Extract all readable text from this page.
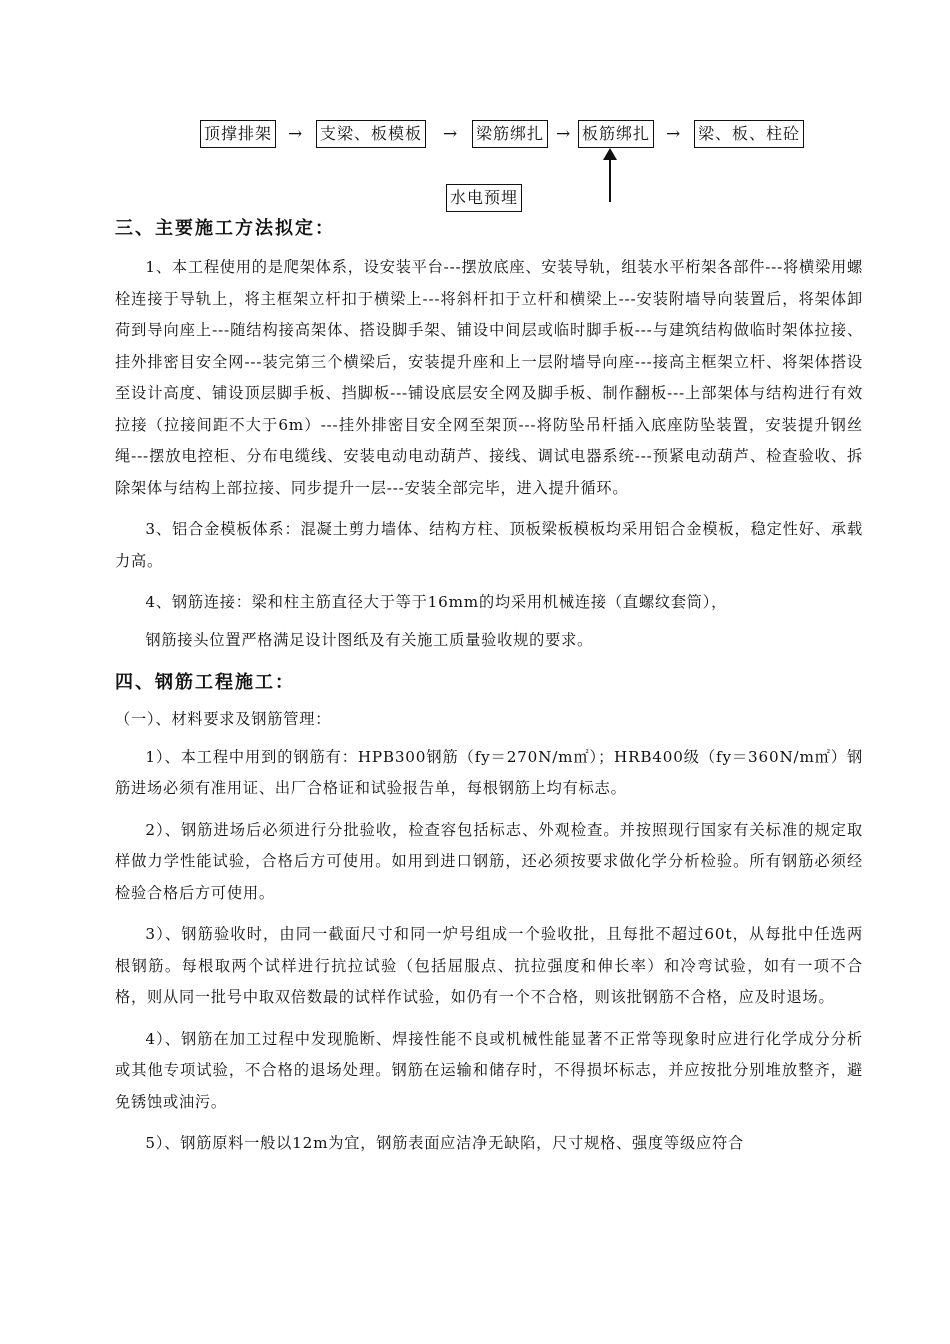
顶撑排架 → 支梁、板模板 → 梁筋绑扎 → 板筋绑扎 → 梁、板、柱砼
水电预埋

三、主要施工方法拟定：

1、本工程使用的是爬架体系，设安装平台---摆放底座、安装导轨，组装水平桁架各部件---将横梁用螺栓连接于导轨上，将主框架立杆扣于横梁上---将斜杆扣于立杆和横梁上---安装附墙导向装置后，将架体卸荷到导向座上---随结构接高架体、搭设脚手架、铺设中间层或临时脚手板---与建筑结构做临时架体拉接、挂外排密目安全网---装完第三个横梁后，安装提升座和上一层附墙导向座---接高主框架立杆、将架体搭设至设计高度、铺设顶层脚手板、挡脚板---铺设底层安全网及脚手板、制作翻板---上部架体与结构进行有效拉接（拉接间距不大于6m）---挂外排密目安全网至架顶---将防坠吊杆插入底座防坠装置，安装提升钢丝绳---摆放电控柜、分布电缆线、安装电动电动葫芦、接线、调试电器系统---预紧电动葫芦、检查验收、拆除架体与结构上部拉接、同步提升一层---安装全部完毕，进入提升循环。

3、铝合金模板体系：混凝土剪力墙体、结构方柱、顶板梁板模板均采用铝合金模板，稳定性好、承载力高。

4、钢筋连接：梁和柱主筋直径大于等于16mm的均采用机械连接（直螺纹套筒），

钢筋接头位置严格满足设计图纸及有关施工质量验收规的要求。

四、钢筋工程施工：

（一）、材料要求及钢筋管理：

1）、本工程中用到的钢筋有：HPB300钢筋（fy＝270N/m㎡）；HRB400级（fy＝360N/m㎡）钢筋进场必须有准用证、出厂合格证和试验报告单，每根钢筋上均有标志。

2）、钢筋进场后必须进行分批验收，检查容包括标志、外观检查。并按照现行国家有关标准的规定取样做力学性能试验，合格后方可使用。如用到进口钢筋，还必须按要求做化学分析检验。所有钢筋必须经检验合格后方可使用。

3）、钢筋验收时，由同一截面尺寸和同一炉号组成一个验收批，且每批不超过60t，从每批中任选两根钢筋。每根取两个试样进行抗拉试验（包括屈服点、抗拉强度和伸长率）和冷弯试验，如有一项不合格，则从同一批号中取双倍数最的试样作试验，如仍有一个不合格，则该批钢筋不合格，应及时退场。

4）、钢筋在加工过程中发现脆断、焊接性能不良或机械性能显著不正常等现象时应进行化学成分分析或其他专项试验，不合格的退场处理。钢筋在运输和储存时，不得损坏标志，并应按批分别堆放整齐，避免锈蚀或油污。

5）、钢筋原料一般以12m为宜，钢筋表面应洁净无缺陷，尺寸规格、强度等级应符合
